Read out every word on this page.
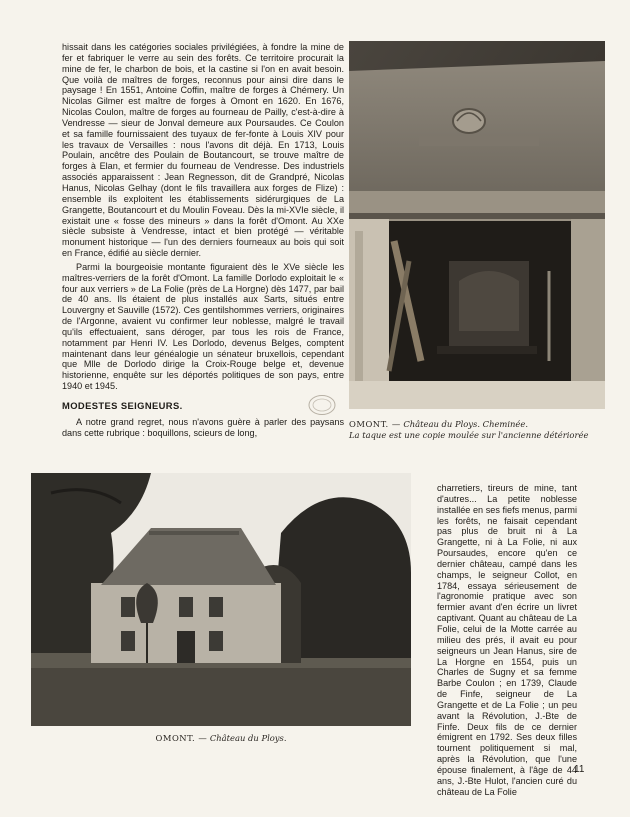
hissait dans les catégories sociales privilégiées, à fondre la mine de fer et fabriquer le verre au sein des forêts. Ce territoire procurait la mine de fer, le charbon de bois, et la castine si l'on en avait besoin. Que voilà de maîtres de forges, reconnus pour ainsi dire dans le paysage ! En 1551, Antoine Coffin, maître de forges à Chémery. Un Nicolas Gilmer est maître de forges à Omont en 1620. En 1676, Nicolas Coulon, maître de forges au fourneau de Pailly, c'est-à-dire à Vendresse — sieur de Jonval demeure aux Poursaudes. Ce Coulon et sa famille fournissaient des tuyaux de fer-fonte à Louis XIV pour les travaux de Versailles : nous l'avons dit déjà. En 1713, Louis Poulain, ancêtre des Poulain de Boutancourt, se trouve maître de forges à Elan, et fermier du fourneau de Vendresse. Des industriels associés apparaissent : Jean Regnesson, dit de Grandpré, Nicolas Hanus, Nicolas Gelhay (dont le fils travaillera aux forges de Flize) : ensemble ils exploitent les établissements sidérurgiques de La Grangette, Boutancourt et du Moulin Foveau. Dès la mi-XVIe siècle, il existait une « fosse des mineurs » dans la forêt d'Omont. Au XXe siècle subsiste à Vendresse, intact et bien protégé — véritable monument historique — l'un des derniers fourneaux au bois qui soit en France, édifié au siècle dernier.

Parmi la bourgeoisie montante figuraient dès le XVe siècle les maîtres-verriers de la forêt d'Omont. La famille Dorlodo exploitait le « four aux verriers » de La Folie (près de La Horgne) dès 1477, par bail de 40 ans. Ils étaient de plus installés aux Sarts, situés entre Louvergny et Sauville (1572). Ces gentilshommes verriers, originaires de l'Argonne, avaient vu confirmer leur noblesse, malgré le travail qu'ils effectuaient, sans déroger, par tous les rois de France, notamment par Henri IV. Les Dorlodo, devenus Belges, comptent maintenant dans leur généalogie un sénateur bruxellois, cependant que Mlle de Dorlodo dirige la Croix-Rouge belge et, devenue historienne, enquête sur les déportés politiques de son pays, entre 1940 et 1945.

MODESTES SEIGNEURS.

A notre grand regret, nous n'avons guère à parler des paysans dans cette rubrique : boquillons, scieurs de long,

OMONT. — Château du Ploys. Cheminée.
La taque est une copie moulée sur l'ancienne détériorée
OMONT. — Château du Ploys.

charretiers, tireurs de mine, tant d'autres... La petite noblesse installée en ses fiefs menus, parmi les forêts, ne faisait cependant pas plus de bruit ni à La Grangette, ni à La Folie, ni aux Poursaudes, encore qu'en ce dernier château, campé dans les champs, le seigneur Collot, en 1784, essaya sérieusement de l'agronomie pratique avec son fermier avant d'en écrire un livret captivant. Quant au château de La Folie, celui de la Motte carrée au milieu des prés, il avait eu pour seigneurs un Jean Hanus, sire de La Horgne en 1554, puis un Charles de Sugny et sa femme Barbe Coulon ; en 1739, Claude de Finfe, seigneur de La Grangette et de La Folie ; un peu avant la Révolution, J.-Bte de Finfe. Deux fils de ce dernier émigrent en 1792. Ses deux filles tournent politiquement si mal, après la Révolution, que l'une épouse finalement, à l'âge de 44 ans, J.-Bte Hulot, l'ancien curé du château de La Folie

11
